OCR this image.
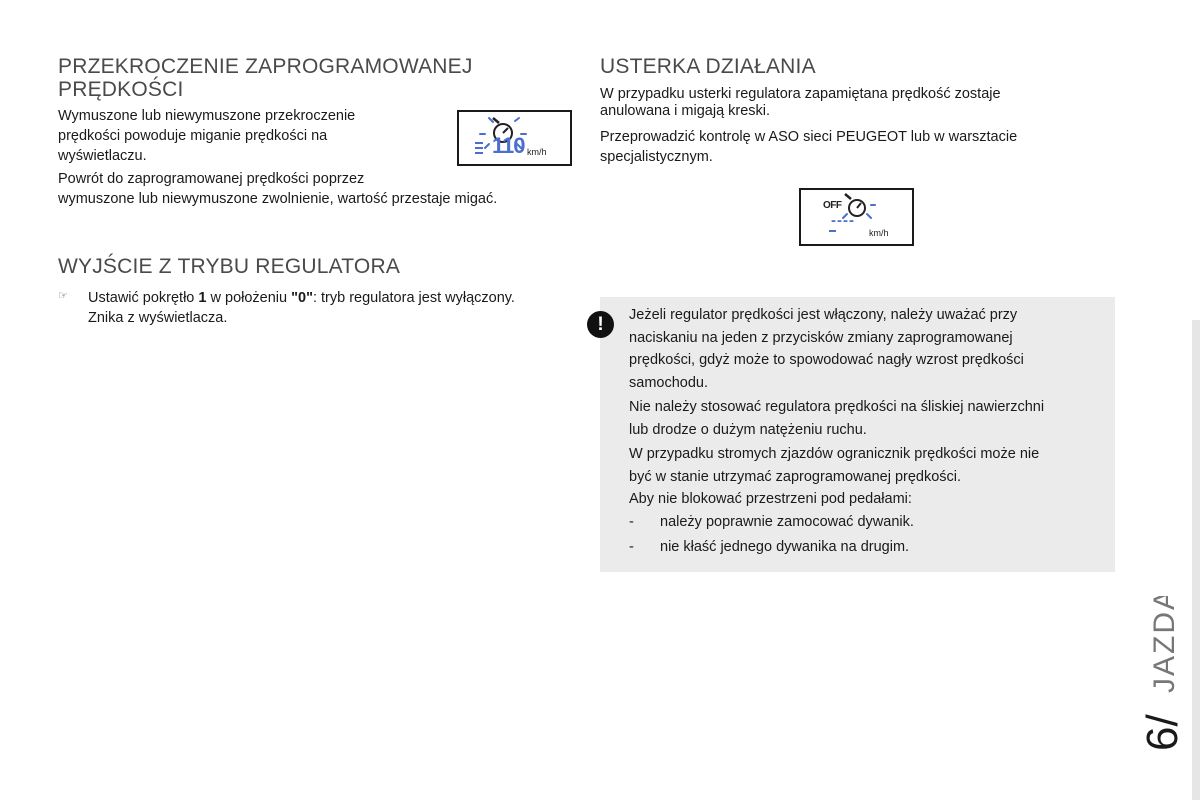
PRZEKROCZENIE ZAPROGRAMOWANEJ
PRĘDKOŚCI

Wymuszone lub niewymuszone przekroczenie

prędkości powoduje miganie prędkości na

wyświetlaczu.	110 km/h

Powrót do zaprogramowanej prędkości poprzez

wymuszone lub niewymuszone zwolnienie, wartość przestaje migać.

WYJŚCIE Z TRYBU REGULATORA
☞ Ustawić pokrętło 1 w położeniu "0": tryb regulatora jest wyłączony.

Znika z wyświetlacza.

USTERKA DZIAŁANIA

W przypadku usterki regulatora zapamiętana prędkość zostaje

anulowana i migają kreski.

Przeprowadzić kontrolę w ASO sieci PEUGEOT lub w warsztacie

specjalistycznym.

OFF
----
km/h
!	Jeżeli regulator prędkości jest włączony, należy uważać przy

naciskaniu na jeden z przycisków zmiany zaprogramowanej

prędkości, gdyż może to spowodować nagły wzrost prędkości

samochodu.

Nie należy stosować regulatora prędkości na śliskiej nawierzchni

lub drodze o dużym natężeniu ruchu.

W przypadku stromych zjazdów ogranicznik prędkości może nie

być w stanie utrzymać zaprogramowanej prędkości.

Aby nie blokować przestrzeni pod pedałami:

-	należy poprawnie zamocować dywanik.

-	nie kłaść jednego dywanika na drugim.

6/
JAZDA
